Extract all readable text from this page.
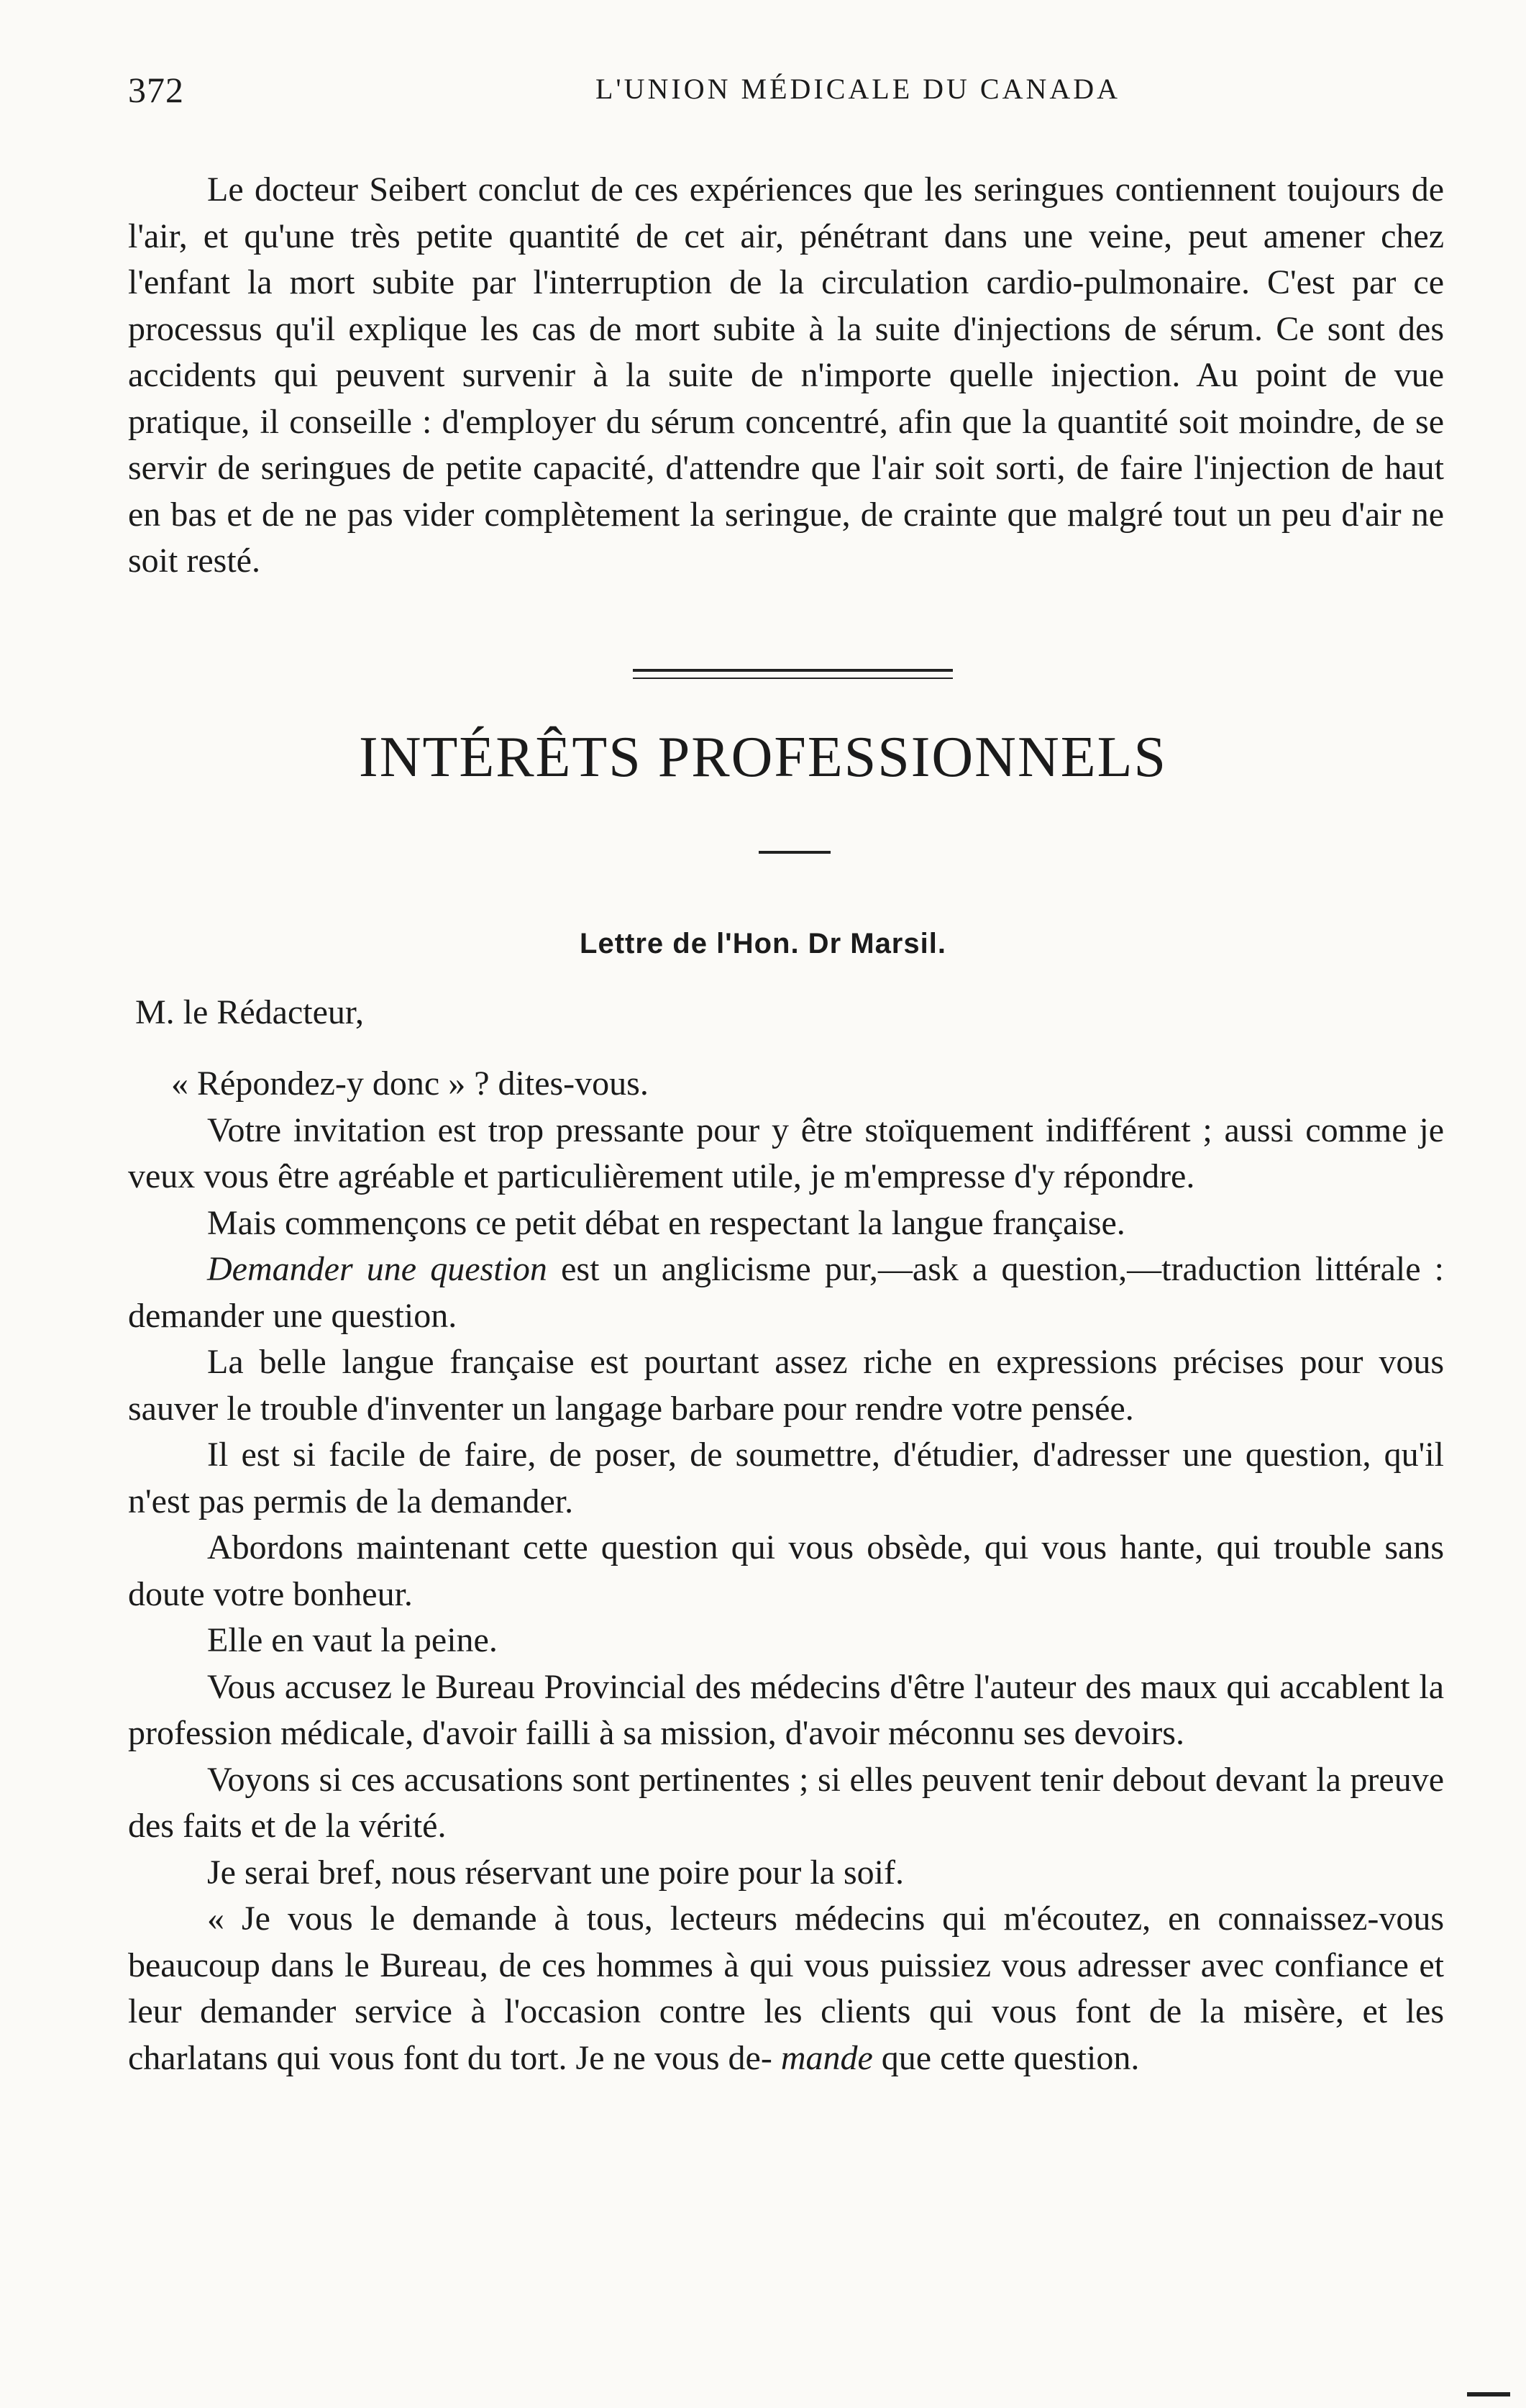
372	L'UNION MÉDICALE DU CANADA

Le docteur Seibert conclut de ces expériences que les seringues contiennent toujours de l'air, et qu'une très petite quantité de cet air, pénétrant dans une veine, peut amener chez l'enfant la mort subite par l'interruption de la circulation cardio-pulmonaire. C'est par ce processus qu'il explique les cas de mort subite à la suite d'injections de sérum. Ce sont des accidents qui peuvent survenir à la suite de n'importe quelle injection. Au point de vue pratique, il conseille : d'employer du sérum concentré, afin que la quantité soit moindre, de se servir de seringues de petite capacité, d'attendre que l'air soit sorti, de faire l'injection de haut en bas et de ne pas vider complètement la seringue, de crainte que malgré tout un peu d'air ne soit resté.

INTÉRÊTS PROFESSIONNELS
Lettre de l'Hon. Dr Marsil.
M. le Rédacteur,

« Répondez-y donc » ? dites-vous.

Votre invitation est trop pressante pour y être stoïquement indifférent ; aussi comme je veux vous être agréable et particulièrement utile, je m'empresse d'y répondre.

Mais commençons ce petit débat en respectant la langue française.

Demander une question est un anglicisme pur,—ask a question,—traduction littérale : demander une question.

La belle langue française est pourtant assez riche en expressions précises pour vous sauver le trouble d'inventer un langage barbare pour rendre votre pensée.

Il est si facile de faire, de poser, de soumettre, d'étudier, d'adresser une question, qu'il n'est pas permis de la demander.

Abordons maintenant cette question qui vous obsède, qui vous hante, qui trouble sans doute votre bonheur.

Elle en vaut la peine.

Vous accusez le Bureau Provincial des médecins d'être l'auteur des maux qui accablent la profession médicale, d'avoir failli à sa mission, d'avoir méconnu ses devoirs.

Voyons si ces accusations sont pertinentes ; si elles peuvent tenir debout devant la preuve des faits et de la vérité.

Je serai bref, nous réservant une poire pour la soif.

« Je vous le demande à tous, lecteurs médecins qui m'écoutez, en connaissez-vous beaucoup dans le Bureau, de ces hommes à qui vous puissiez vous adresser avec confiance et leur demander service à l'occasion contre les clients qui vous font de la misère, et les charlatans qui vous font du tort. Je ne vous de- mande que cette question.
